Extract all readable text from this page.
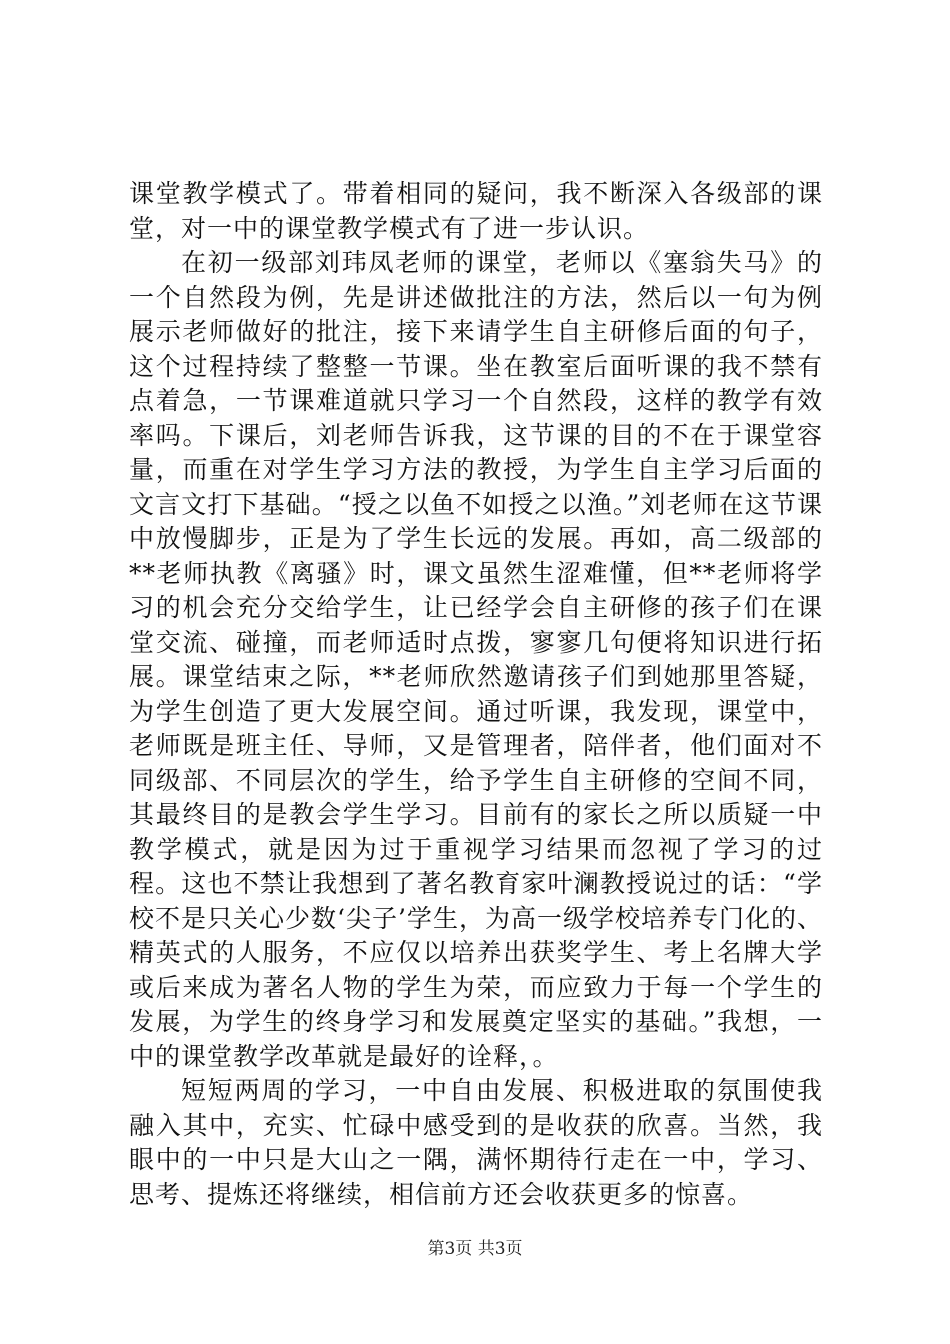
课堂教学模式了。带着相同的疑问，我不断深入各级部的课堂，对一中的课堂教学模式有了进一步认识。

在初一级部刘玮凤老师的课堂，老师以《塞翁失马》的一个自然段为例，先是讲述做批注的方法，然后以一句为例展示老师做好的批注，接下来请学生自主研修后面的句子，这个过程持续了整整一节课。坐在教室后面听课的我不禁有点着急，一节课难道就只学习一个自然段，这样的教学有效率吗。下课后，刘老师告诉我，这节课的目的不在于课堂容量，而重在对学生学习方法的教授，为学生自主学习后面的文言文打下基础。“授之以鱼不如授之以渔。”刘老师在这节课中放慢脚步，正是为了学生长远的发展。再如，高二级部的**老师执教《离骚》时，课文虽然生涩难懂，但**老师将学习的机会充分交给学生，让已经学会自主研修的孩子们在课堂交流、碰撞，而老师适时点拨，寥寥几句便将知识进行拓展。课堂结束之际，**老师欣然邀请孩子们到她那里答疑，为学生创造了更大发展空间。通过听课，我发现，课堂中，老师既是班主任、导师，又是管理者，陪伴者，他们面对不同级部、不同层次的学生，给予学生自主研修的空间不同，其最终目的是教会学生学习。目前有的家长之所以质疑一中教学模式，就是因为过于重视学习结果而忽视了学习的过程。这也不禁让我想到了著名教育家叶澜教授说过的话：“学校不是只关心少数‘尖子’学生，为高一级学校培养专门化的、精英式的人服务，不应仅以培养出获奖学生、考上名牌大学或后来成为著名人物的学生为荣，而应致力于每一个学生的发展，为学生的终身学习和发展奠定坚实的基础。”我想，一中的课堂教学改革就是最好的诠释，。

短短两周的学习，一中自由发展、积极进取的氛围使我融入其中，充实、忙碌中感受到的是收获的欣喜。当然，我眼中的一中只是大山之一隅，满怀期待行走在一中，学习、思考、提炼还将继续，相信前方还会收获更多的惊喜。

第3页 共3页
